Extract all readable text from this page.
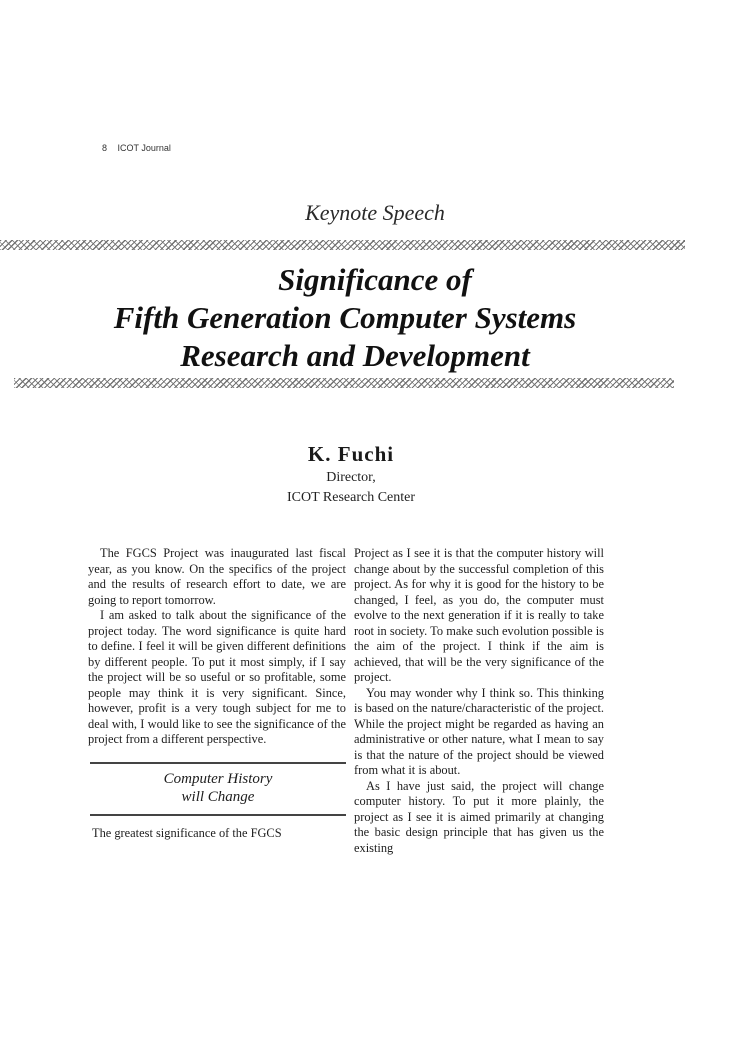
8 ICOT Journal
Keynote Speech
Significance of
Fifth Generation Computer Systems
Research and Development
K. Fuchi
Director,
ICOT Research Center

The FGCS Project was inaugurated last fiscal year, as you know. On the specifics of the project and the results of research effort to date, we are going to report tomorrow.

I am asked to talk about the significance of the project today. The word significance is quite hard to define. I feel it will be given different definitions by different people. To put it most simply, if I say the project will be so useful or so profitable, some people may think it is very significant. Since, however, profit is a very tough subject for me to deal with, I would like to see the significance of the project from a different perspective.

Computer History
will Change

The greatest significance of the FGCS

Project as I see it is that the computer history will change about by the successful completion of this project. As for why it is good for the history to be changed, I feel, as you do, the computer must evolve to the next generation if it is really to take root in society. To make such evolution possible is the aim of the project. I think if the aim is achieved, that will be the very significance of the project.

You may wonder why I think so. This thinking is based on the nature/characteristic of the project. While the project might be regarded as having an administrative or other nature, what I mean to say is that the nature of the project should be viewed from what it is about.

As I have just said, the project will change computer history. To put it more plainly, the project as I see it is aimed primarily at changing the basic design principle that has given us the existing
